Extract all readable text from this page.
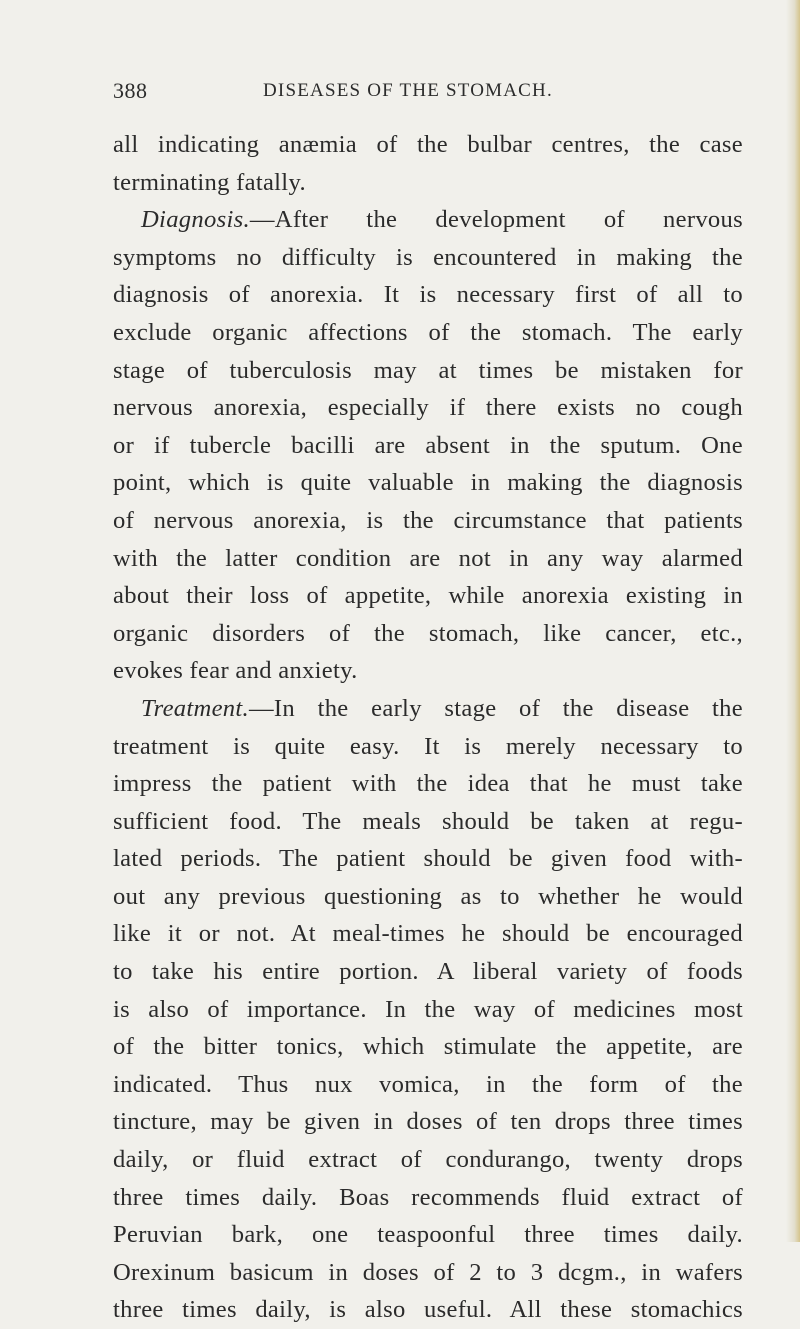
388	DISEASES OF THE STOMACH.
all indicating anæmia of the bulbar centres, the case
terminating fatally.
Diagnosis.—After the development of nervous
symptoms no difficulty is encountered in making the
diagnosis of anorexia. It is necessary first of all to
exclude organic affections of the stomach. The early
stage of tuberculosis may at times be mistaken for
nervous anorexia, especially if there exists no cough
or if tubercle bacilli are absent in the sputum. One
point, which is quite valuable in making the diagnosis
of nervous anorexia, is the circumstance that patients
with the latter condition are not in any way alarmed
about their loss of appetite, while anorexia existing in
organic disorders of the stomach, like cancer, etc.,
evokes fear and anxiety.
Treatment.—In the early stage of the disease the
treatment is quite easy. It is merely necessary to
impress the patient with the idea that he must take
sufficient food. The meals should be taken at regu-
lated periods. The patient should be given food with-
out any previous questioning as to whether he would
like it or not. At meal-times he should be encouraged
to take his entire portion. A liberal variety of foods
is also of importance. In the way of medicines most
of the bitter tonics, which stimulate the appetite, are
indicated. Thus nux vomica, in the form of the
tincture, may be given in doses of ten drops three times
daily, or fluid extract of condurango, twenty drops
three times daily. Boas recommends fluid extract of
Peruvian bark, one teaspoonful three times daily.
Orexinum basicum in doses of 2 to 3 dcgm., in wafers
three times daily, is also useful. All these stomachics
